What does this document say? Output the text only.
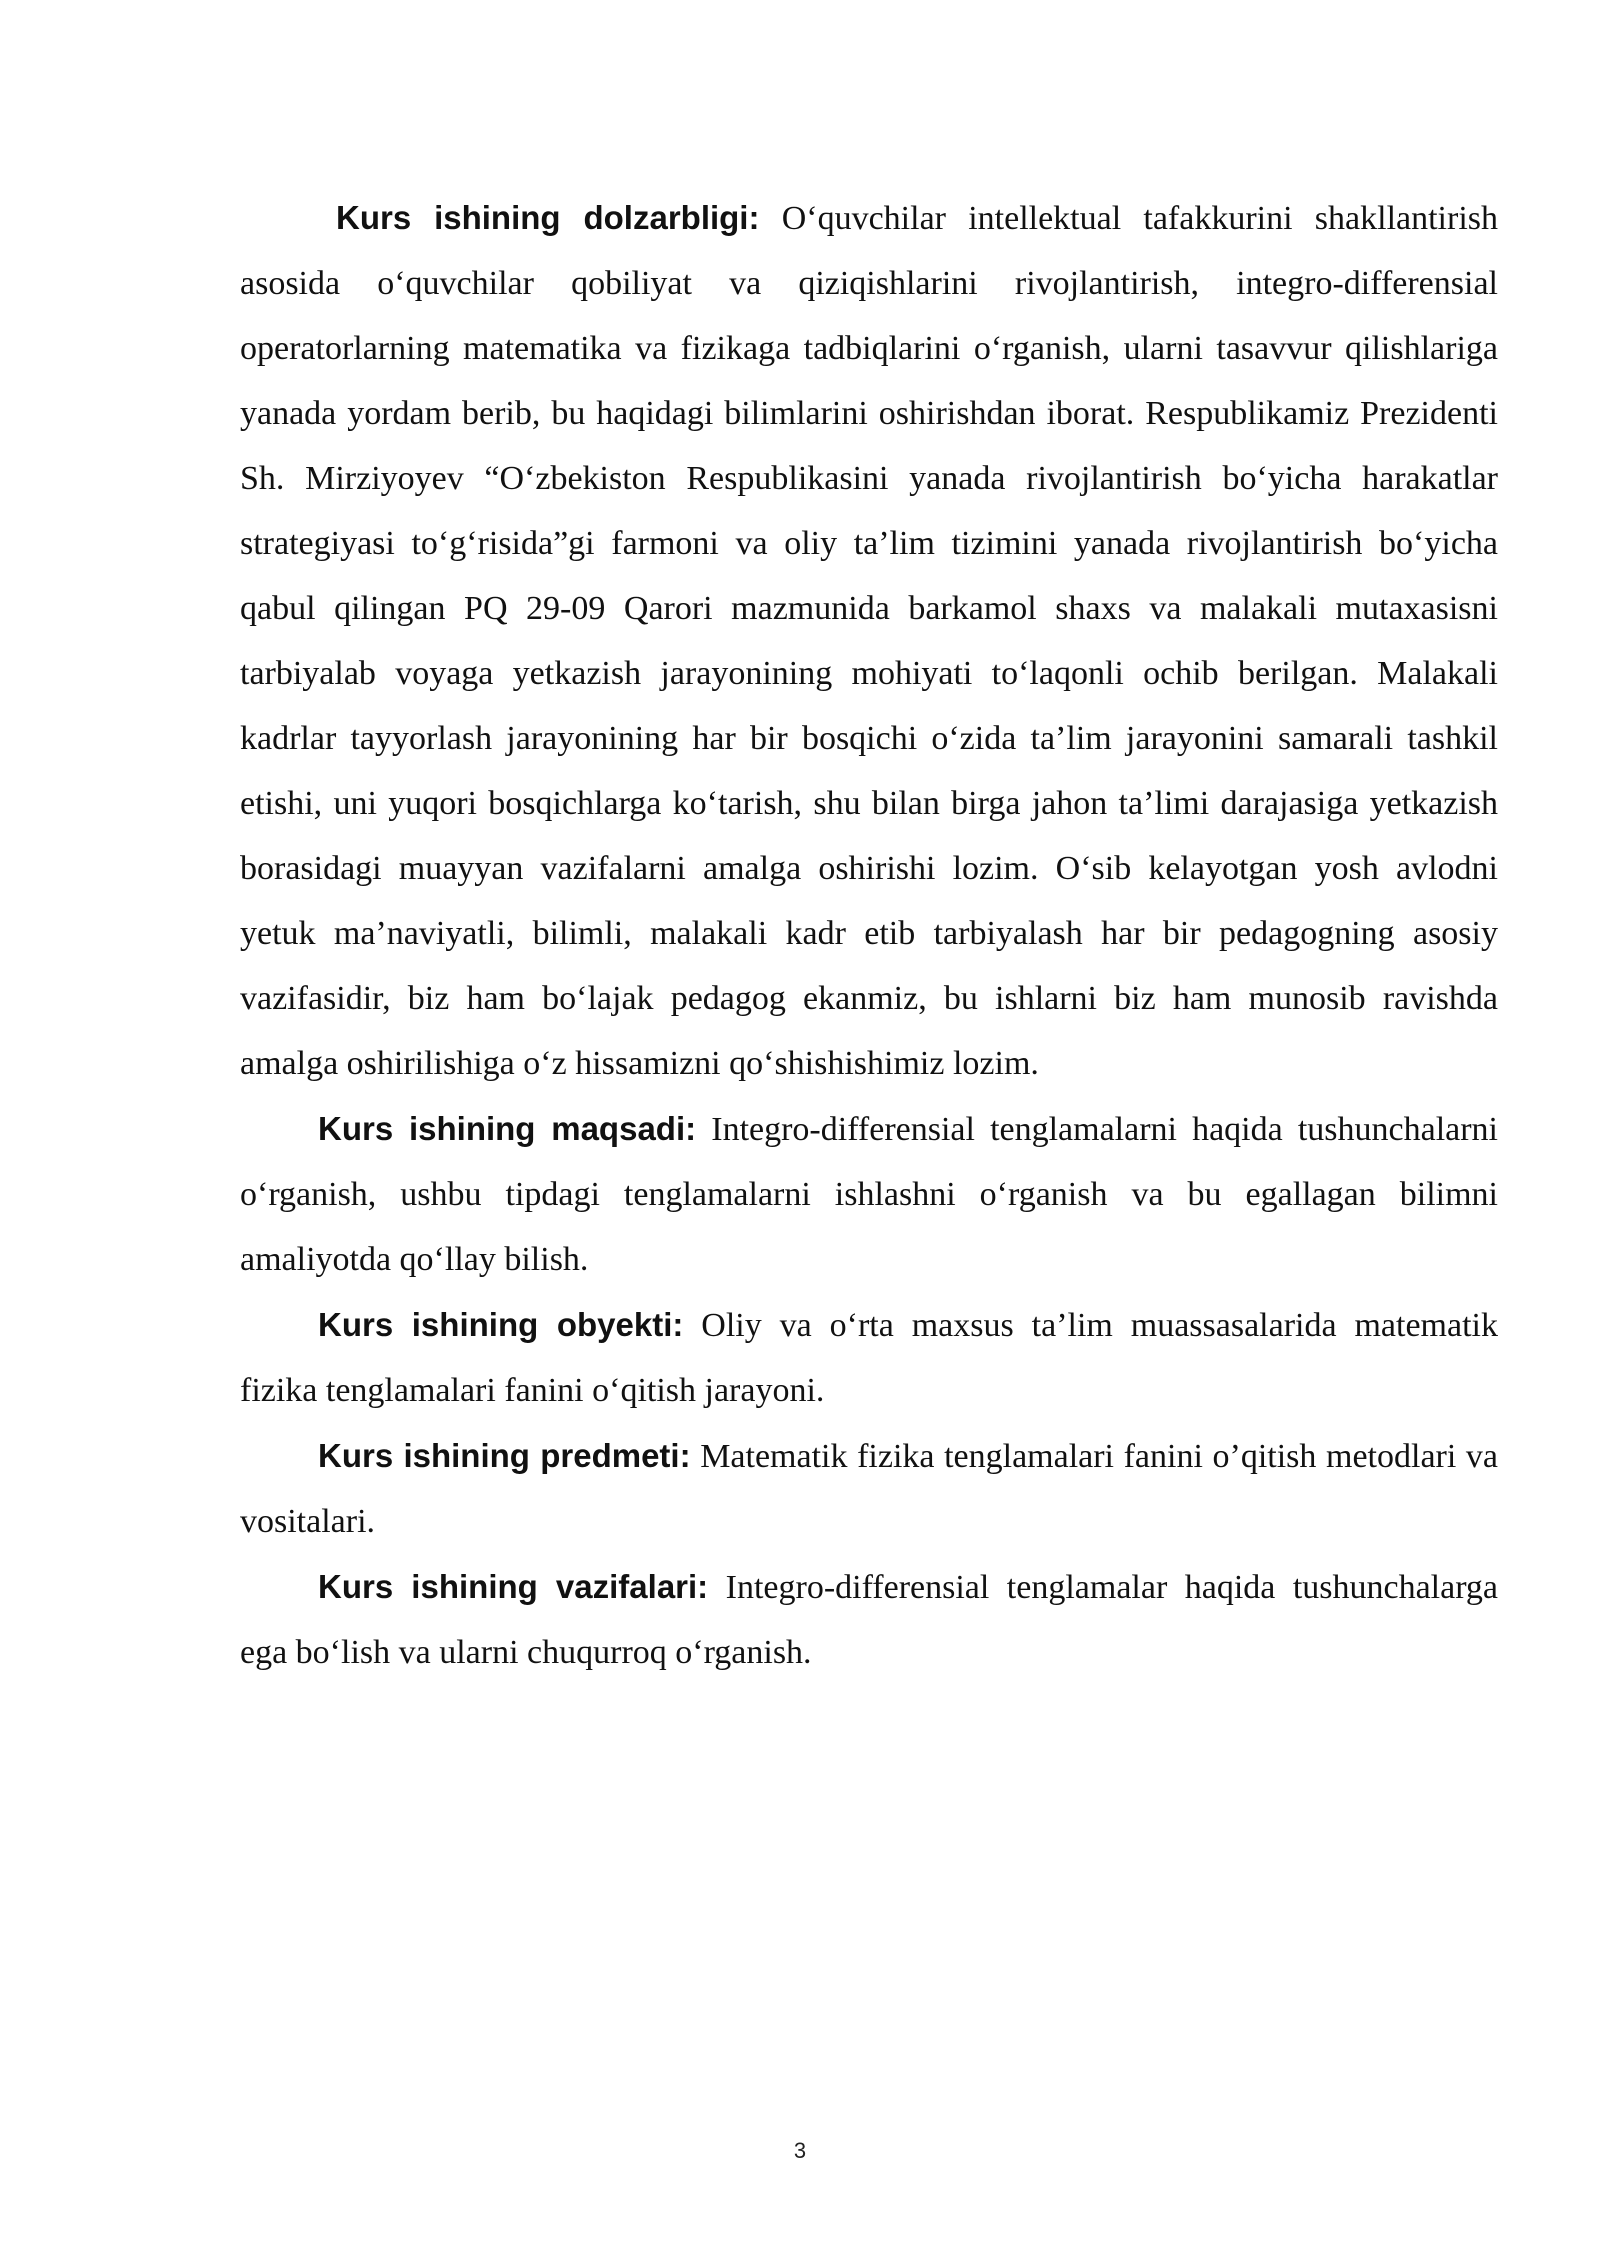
Kurs ishining dolzarbligi: O‘quvchilar intellektual tafakkurini shakllantirish asosida o‘quvchilar qobiliyat va qiziqishlarini rivojlantirish, integro-differensial operatorlarning matematika va fizikaga tadbiqlarini o‘rganish, ularni tasavvur qilishlariga yanada yordam berib, bu haqidagi bilimlarini oshirishdan iborat. Respublikamiz Prezidenti Sh. Mirziyoyev “O‘zbekiston Respublikasini yanada rivojlantirish bo‘yicha harakatlar strategiyasi to‘g‘risida”gi farmoni va oliy ta’lim tizimini yanada rivojlantirish bo‘yicha qabul qilingan PQ 29-09 Qarori mazmunida barkamol shaxs va malakali mutaxasisni tarbiyalab voyaga yetkazish jarayonining mohiyati to‘laqonli ochib berilgan. Malakali kadrlar tayyorlash jarayonining har bir bosqichi o‘zida ta’lim jarayonini samarali tashkil etishi, uni yuqori bosqichlarga ko‘tarish, shu bilan birga jahon ta’limi darajasiga yetkazish borasidagi muayyan vazifalarni amalga oshirishi lozim. O‘sib kelayotgan yosh avlodni yetuk ma’naviyatli, bilimli, malakali kadr etib tarbiyalash har bir pedagogning asosiy vazifasidir, biz ham bo‘lajak pedagog ekanmiz, bu ishlarni biz ham munosib ravishda amalga oshirilishiga o‘z hissamizni qo‘shishishimiz lozim.

Kurs ishining maqsadi: Integro-differensial tenglamalarni haqida tushunchalarni o‘rganish, ushbu tipdagi tenglamalarni ishlashni o‘rganish va bu egallagan bilimni amaliyotda qo‘llay bilish.

Kurs ishining obyekti: Oliy va o‘rta maxsus ta’lim muassasalarida matematik fizika tenglamalari fanini o‘qitish jarayoni.

Kurs ishining predmeti: Matematik fizika tenglamalari fanini o’qitish metodlari va vositalari.

Kurs ishining vazifalari: Integro-differensial tenglamalar haqida tushunchalarga ega bo‘lish va ularni chuqurroq o‘rganish.

3
